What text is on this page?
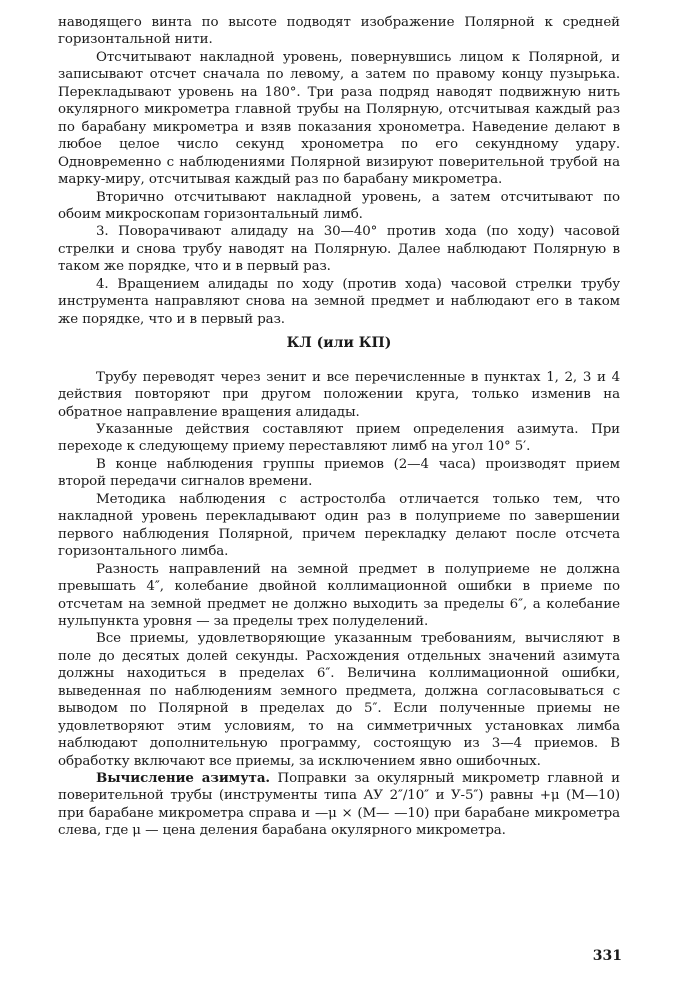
наводящего винта по высоте подводят изображение Полярной к средней горизонтальной нити.

Отсчитывают накладной уровень, повернувшись лицом к Полярной, и записывают отсчет сначала по левому, а затем по правому концу пузырька. Перекладывают уровень на 180°. Три раза подряд наводят подвижную нить окулярного микрометра главной трубы на Полярную, отсчитывая каждый раз по барабану микрометра и взяв показания хронометра. Наведение делают в любое целое число секунд хронометра по его секундному удару. Одновременно с наблюдениями Полярной визируют поверительной трубой на марку-миру, отсчитывая каждый раз по барабану микрометра.

Вторично отсчитывают накладной уровень, а затем отсчитывают по обоим микроскопам горизонтальный лимб.

3. Поворачивают алидаду на 30—40° против хода (по ходу) часовой стрелки и снова трубу наводят на Полярную. Далее наблюдают Полярную в таком же порядке, что и в первый раз.

4. Вращением алидады по ходу (против хода) часовой стрелки трубу инструмента направляют снова на земной предмет и наблюдают его в таком же порядке, что и в первый раз.

КЛ (или КП)

Трубу переводят через зенит и все перечисленные в пунктах 1, 2, 3 и 4 действия повторяют при другом положении круга, только изменив на обратное направление вращения алидады.

Указанные действия составляют прием определения азимута. При переходе к следующему приему переставляют лимб на угол 10° 5′.

В конце наблюдения группы приемов (2—4 часа) производят прием второй передачи сигналов времени.

Методика наблюдения с астростолба отличается только тем, что накладной уровень перекладывают один раз в полуприеме по завершении первого наблюдения Полярной, причем перекладку делают после отсчета горизонтального лимба.

Разность направлений на земной предмет в полуприеме не должна превышать 4″, колебание двойной коллимационной ошибки в приеме по отсчетам на земной предмет не должно выходить за пределы 6″, а колебание нульпункта уровня — за пределы трех полуделений.

Все приемы, удовлетворяющие указанным требованиям, вычисляют в поле до десятых долей секунды. Расхождения отдельных значений азимута должны находиться в пределах 6″. Величина коллимационной ошибки, выведенная по наблюдениям земного предмета, должна согласовываться с выводом по Полярной в пределах до 5″. Если полученные приемы не удовлетворяют этим условиям, то на симметричных установках лимба наблюдают дополнительную программу, состоящую из 3—4 приемов. В обработку включают все приемы, за исключением явно ошибочных.

Вычисление азимута. Поправки за окулярный микрометр главной и поверительной трубы (инструменты типа АУ 2″/10″ и У-5″) равны +μ (M—10) при барабане микрометра справа и —μ × (M— —10) при барабане микрометра слева, где μ — цена деления барабана окулярного микрометра.

331
